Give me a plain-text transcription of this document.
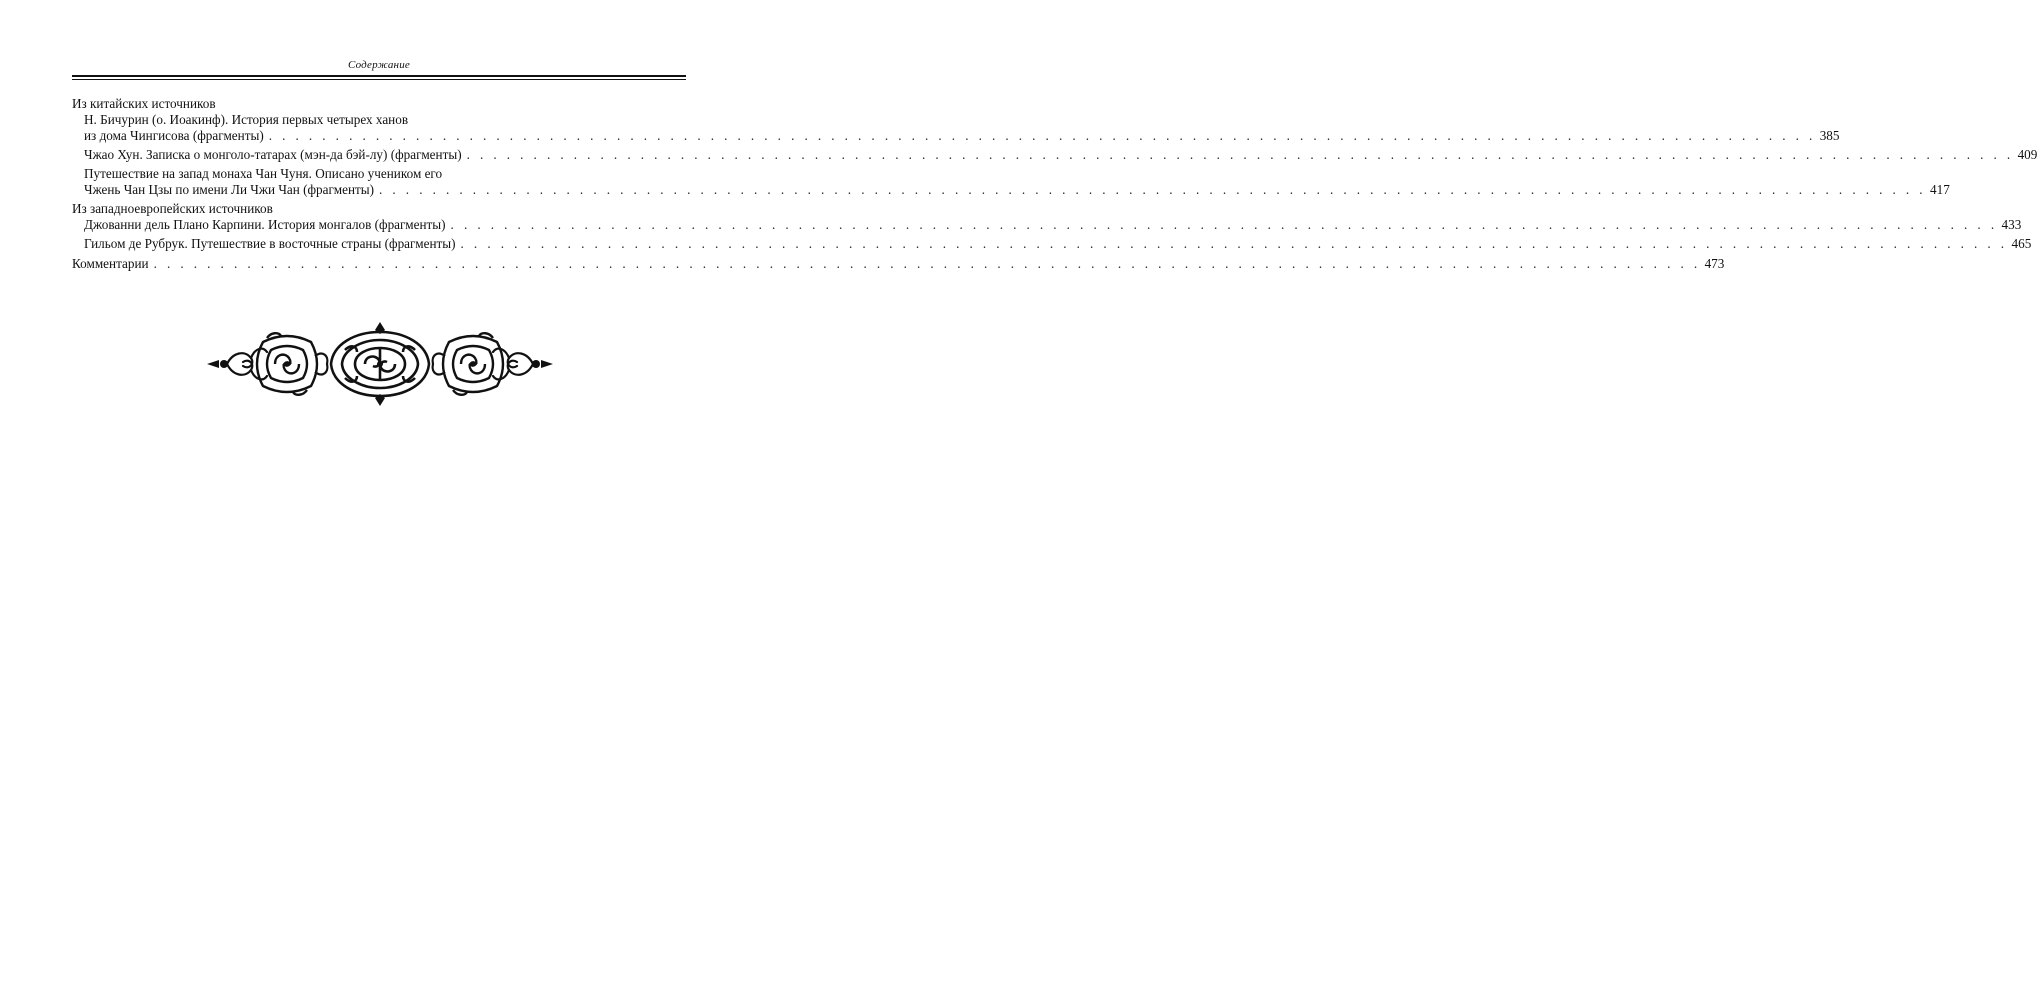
Содержание
Из китайских источников
Н. Бичурин (о. Иоакинф). История первых четырех ханов
из дома Чингисова (фрагменты) . . . . . . . . . . . . . . . . . . . . . . . . . . . . . . . . . . . . . . . . . . . . . . . . . . . . . . . . . . . . . . . . . . . . . . . . . . . . . . . . . . . . . . . . . . . . . . . . . . . . . . . . . . . . . . . . . . . . 385
Чжао Хун. Записка о монголо-татарах (мэн-да бэй-лу) (фрагменты) . . . . . . . . . . . . . . . . . . . . . . . . . . . . . . . . . . . . . . . . . . . . . . . . . . . . . . . . . . . . . . . . . . . . . . . . . . . . . . . . . . . . . . . . . . . . . . . . . . . . . . . . . . . . . . . . . . . . 409
Путешествие на запад монаха Чан Чуня. Описано учеником его
Чжень Чан Цзы по имени Ли Чжи Чан (фрагменты) . . . . . . . . . . . . . . . . . . . . . . . . . . . . . . . . . . . . . . . . . . . . . . . . . . . . . . . . . . . . . . . . . . . . . . . . . . . . . . . . . . . . . . . . . . . . . . . . . . . . . . . . . . . . . . . . . . . . 417
Из западноевропейских источников
Джованни дель Плано Карпини. История монгалов (фрагменты) . . . . . . . . . . . . . . . . . . . . . . . . . . . . . . . . . . . . . . . . . . . . . . . . . . . . . . . . . . . . . . . . . . . . . . . . . . . . . . . . . . . . . . . . . . . . . . . . . . . . . . . . . . . . . . . . . . . . 433
Гильом де Рубрук. Путешествие в восточные страны (фрагменты) . . . . . . . . . . . . . . . . . . . . . . . . . . . . . . . . . . . . . . . . . . . . . . . . . . . . . . . . . . . . . . . . . . . . . . . . . . . . . . . . . . . . . . . . . . . . . . . . . . . . . . . . . . . . . . . . . . . . 465
Комментарии . . . . . . . . . . . . . . . . . . . . . . . . . . . . . . . . . . . . . . . . . . . . . . . . . . . . . . . . . . . . . . . . . . . . . . . . . . . . . . . . . . . . . . . . . . . . . . . . . . . . . . . . . . . . . . . . . . . . 473
